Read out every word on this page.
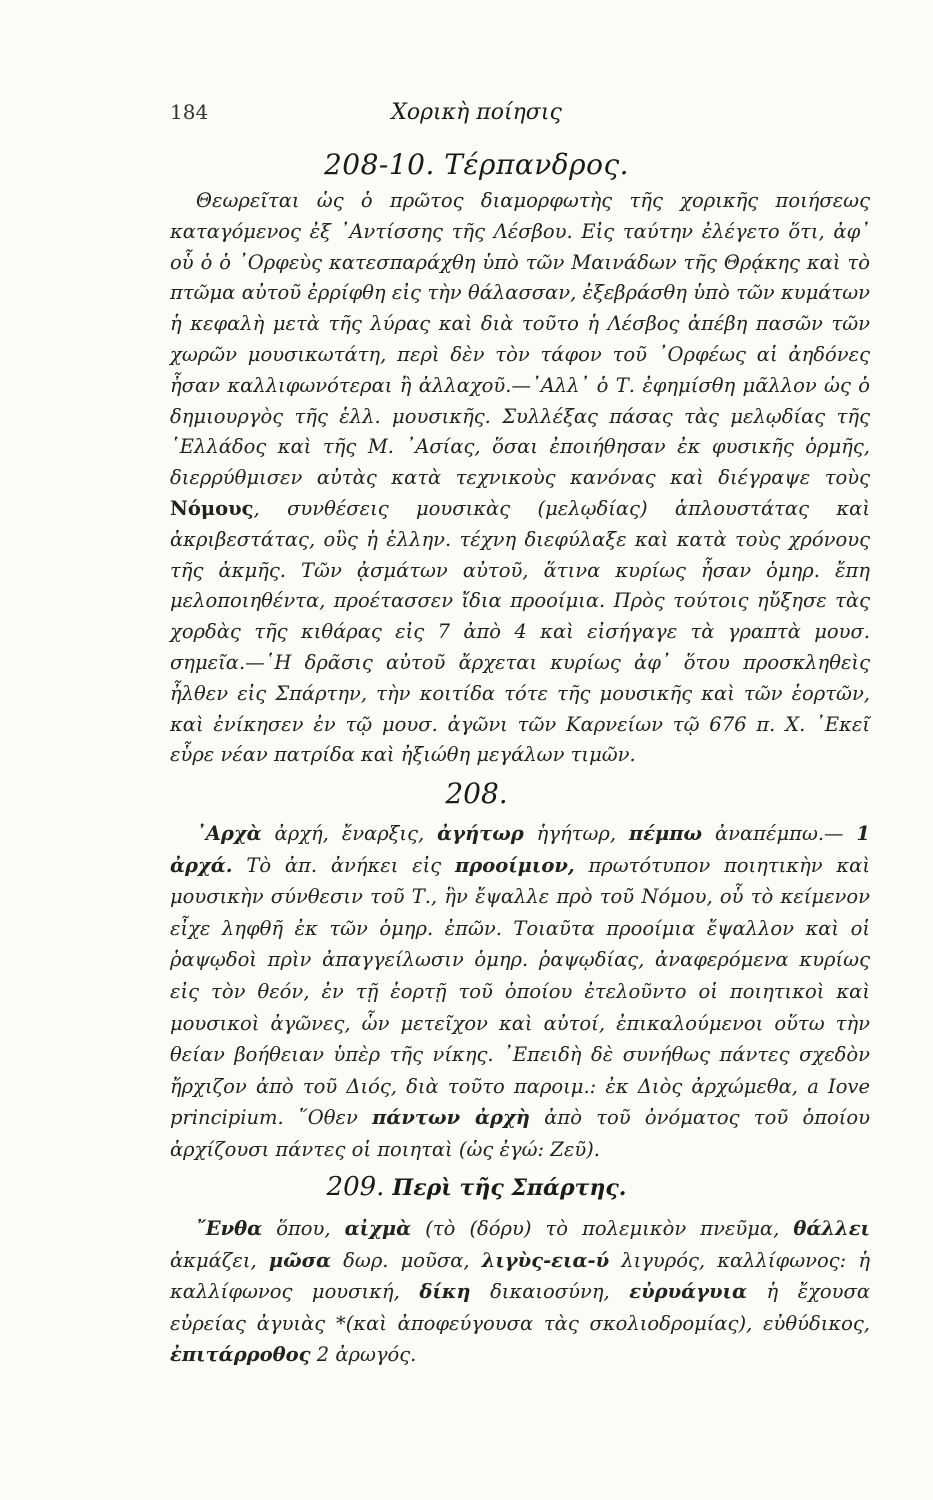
184	Χορικὴ ποίησις
208-10. Τέρπανδρος.
Θεωρεῖται ὡς ὁ πρῶτος διαμορφωτὴς τῆς χορικῆς ποιήσεως καταγόμενος ἐξ ᾿Αντίσσης τῆς Λέσβου. Εἰς ταύτην ἐλέγετο ὅτι, ἀφ᾿ οὗ ὁ ὁ ᾿Ορφεὺς κατεσπαράχθη ὑπὸ τῶν Μαινάδων τῆς Θρᾴκης καὶ τὸ πτῶμα αὐτοῦ ἐρρίφθη εἰς τὴν θάλασσαν, ἐξεβράσθη ὑπὸ τῶν κυμάτων ἡ κεφαλὴ μετὰ τῆς λύρας καὶ διὰ τοῦτο ἡ Λέσβος ἀπέβη πασῶν τῶν χωρῶν μουσικωτάτη, περὶ δὲν τὸν τάφον τοῦ ᾿Ορφέως αἱ ἀηδόνες ἦσαν καλλιφωνότεραι ἢ ἀλλαχοῦ.—᾿Αλλ᾿ ὁ Τ. ἐφημίσθη μᾶλλον ὡς ὁ δημιουργὸς τῆς ἑλλ. μουσικῆς. Συλλέξας πάσας τὰς μελῳδίας τῆς ῾Ελλάδος καὶ τῆς Μ. ᾿Ασίας, ὅσαι ἐποιήθησαν ἐκ φυσικῆς ὁρμῆς, διερρύθμισεν αὐτὰς κατὰ τεχνικοὺς κανόνας καὶ διέγραψε τοὺς Νόμους, συνθέσεις μουσικὰς (μελῳδίας) ἁπλουστάτας καὶ ἀκριβεστάτας, οὓς ἡ ἑλλην. τέχνη διεφύλαξε καὶ κατὰ τοὺς χρόνους τῆς ἀκμῆς. Τῶν ᾀσμάτων αὐτοῦ, ἅτινα κυρίως ἦσαν ὁμηρ. ἔπη μελοποιηθέντα, προέτασσεν ἴδια προοίμια. Πρὸς τούτοις ηὔξησε τὰς χορδὰς τῆς κιθάρας εἰς 7 ἀπὸ 4 καὶ εἰσήγαγε τὰ γραπτὰ μουσ. σημεῖα.—῾Η δρᾶσις αὐτοῦ ἄρχεται κυρίως ἀφ᾿ ὅτου προσκληθεὶς ἦλθεν εἰς Σπάρτην, τὴν κοιτίδα τότε τῆς μουσικῆς καὶ τῶν ἑορτῶν, καὶ ἐνίκησεν ἐν τῷ μουσ. ἀγῶνι τῶν Καρνείων τῷ 676 π. Χ. ᾿Εκεῖ εὗρε νέαν πατρίδα καὶ ἠξιώθη μεγάλων τιμῶν.
208.
᾿Αρχὰ ἀρχή, ἔναρξις, ἀγήτωρ ἡγήτωρ, πέμπω ἀναπέμπω.— 1 ἀρχά. Τὸ ἀπ. ἀνήκει εἰς προοίμιον, πρωτότυπον ποιητικὴν καὶ μουσικὴν σύνθεσιν τοῦ Τ., ἣν ἔψαλλε πρὸ τοῦ Νόμου, οὗ τὸ κείμενον εἶχε ληφθῆ ἐκ τῶν ὁμηρ. ἐπῶν. Τοιαῦτα προοίμια ἔψαλλον καὶ οἱ ῥαψῳδοὶ πρὶν ἀπαγγείλωσιν ὁμηρ. ῥαψῳδίας, ἀναφερόμενα κυρίως εἰς τὸν θεόν, ἐν τῇ ἑορτῇ τοῦ ὁποίου ἐτελοῦντο οἱ ποιητικοὶ καὶ μουσικοὶ ἀγῶνες, ὧν μετεῖχον καὶ αὐτοί, ἐπικαλούμενοι οὕτω τὴν θείαν βοήθειαν ὑπὲρ τῆς νίκης. ᾿Επειδὴ δὲ συνήθως πάντες σχεδὸν ἤρχιζον ἀπὸ τοῦ Διός, διὰ τοῦτο παροιμ.: ἐκ Διὸς ἀρχώμεθα, a Iove principium. ῞Οθεν πάντων ἀρχὴ ἀπὸ τοῦ ὀνόματος τοῦ ὁποίου ἀρχίζουσι πάντες οἱ ποιηταὶ (ὡς ἐγώ: Ζεῦ).
209. Περὶ τῆς Σπάρτης.
῎Ενθα ὅπου, αἰχμὰ (τὸ (δόρυ) τὸ πολεμικὸν πνεῦμα, θάλλει ἀκμάζει, μῶσα δωρ. μοῦσα, λιγὺς-εια-ύ λιγυρός, καλλίφωνος: ἡ καλλίφωνος μουσική, δίκη δικαιοσύνη, εὐρυάγυια ἡ ἔχουσα εὐρείας ἀγυιὰς *(καὶ ἀποφεύγουσα τὰς σκολιοδρομίας), εὐθύδικος, ἐπιτάρροθος 2 ἀρωγός.
